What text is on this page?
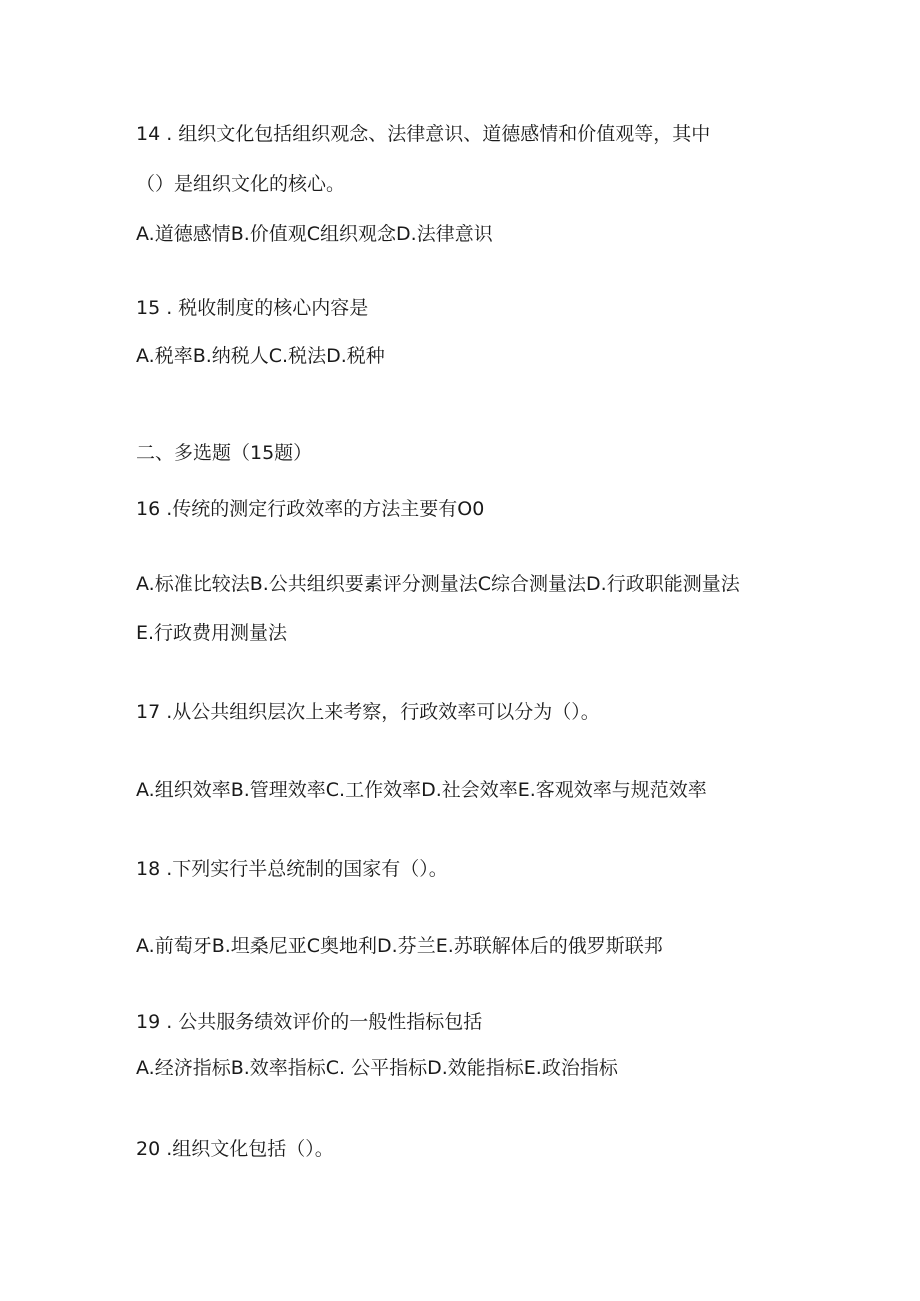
14 . 组织文化包括组织观念、法律意识、道德感情和价值观等，其中
（）是组织文化的核心。
A.道德感情B.价值观C组织观念D.法律意识
15 . 税收制度的核心内容是
A.税率B.纳税人C.税法D.税种
二、多选题（15题）
16 .传统的测定行政效率的方法主要有O0
A.标准比较法B.公共组织要素评分测量法C综合测量法D.行政职能测量法
E.行政费用测量法
17 .从公共组织层次上来考察，行政效率可以分为（）。
A.组织效率B.管理效率C.工作效率D.社会效率E.客观效率与规范效率
18 .下列实行半总统制的国家有（）。
A.前萄牙B.坦桑尼亚C奥地利D.芬兰E.苏联解体后的俄罗斯联邦
19 . 公共服务绩效评价的一般性指标包括
A.经济指标B.效率指标C. 公平指标D.效能指标E.政治指标
20 .组织文化包括（）。
